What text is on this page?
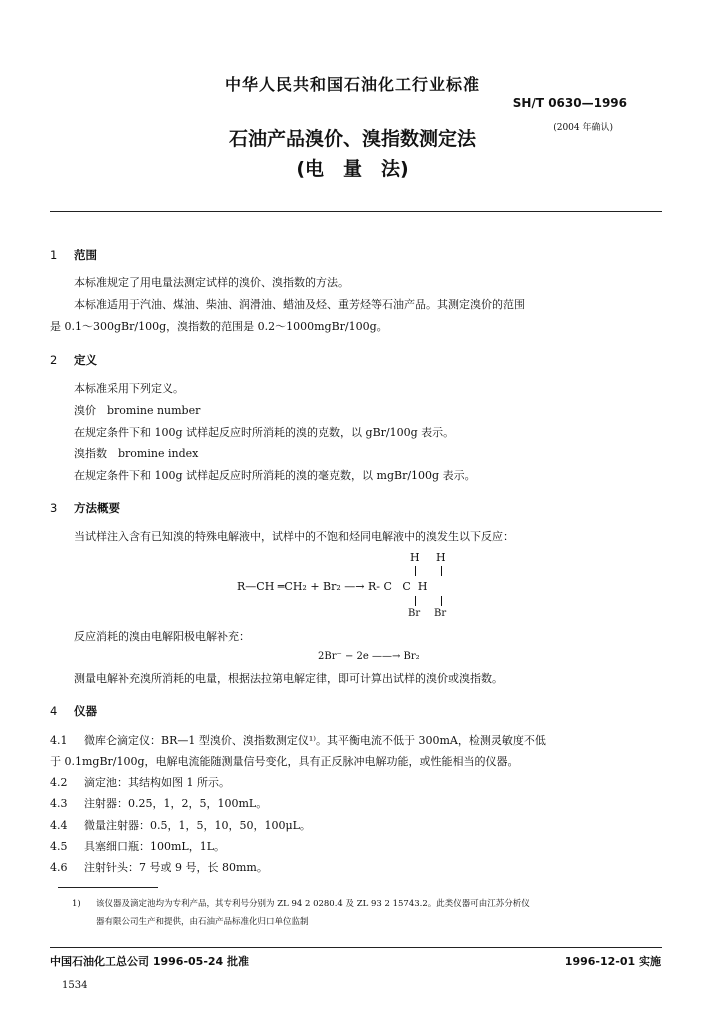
中华人民共和国石油化工行业标准
SH/T 0630—1996
(2004 年确认)
石油产品溴价、溴指数测定法
(电　量　法)
1 范围
本标准规定了用电量法测定试样的溴价、溴指数的方法。
本标准适用于汽油、煤油、柴油、润滑油、蜡油及烃、重芳烃等石油产品。其测定溴价的范围
是 0.1～300gBr/100g，溴指数的范围是 0.2～1000mgBr/100g。
2 定义
本标准采用下列定义。
溴价　bromine number
在规定条件下和 100g 试样起反应时所消耗的溴的克数，以 gBr/100g 表示。
溴指数　bromine index
在规定条件下和 100g 试样起反应时所消耗的溴的毫克数，以 mgBr/100g 表示。
3 方法概要
当试样注入含有已知溴的特殊电解液中，试样中的不饱和烃同电解液中的溴发生以下反应：
H H
R—CH ═CH₂ + Br₂ —→ R- C   C  H
Br Br
反应消耗的溴由电解阳极电解补充：
2Br⁻ − 2e ——→ Br₂
测量电解补充溴所消耗的电量，根据法拉第电解定律，即可计算出试样的溴价或溴指数。
4 仪器
4.1 微库仑滴定仪：BR—1 型溴价、溴指数测定仪¹⁾。其平衡电流不低于 300mA，检测灵敏度不低
于 0.1mgBr/100g，电解电流能随测量信号变化，具有正反脉冲电解功能，或性能相当的仪器。
4.2 滴定池：其结构如图 1 所示。
4.3 注射器：0.25，1，2，5，100mL。
4.4 微量注射器：0.5，1，5，10，50，100μL。
4.5 具塞细口瓶：100mL，1L。
4.6 注射针头：7 号或 9 号，长 80mm。
1) 该仪器及滴定池均为专利产品，其专利号分别为 ZL 94 2 0280.4 及 ZL 93 2 15743.2。此类仪器可由江苏分析仪
器有限公司生产和提供，由石油产品标准化归口单位监制
中国石油化工总公司 1996-05-24 批准	1996-12-01 实施
1534
